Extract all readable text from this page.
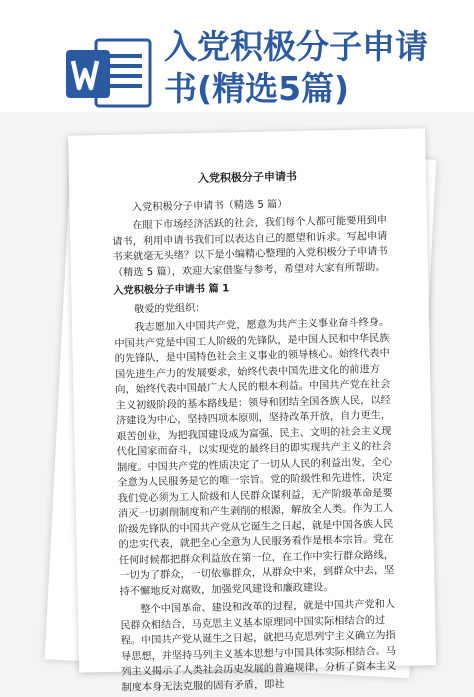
入党积极分子申请
书(精选5篇)
入党积极分子申请书

入党积极分子申请书（精选 5 篇）

在眼下市场经济活跃的社会，我们每个人都可能要用到申请书，利用申请书我们可以表达自己的愿望和诉求。写起申请书来就毫无头绪？以下是小编精心整理的入党积极分子申请书（精选 5 篇），欢迎大家借鉴与参考，希望对大家有所帮助。

入党积极分子申请书 篇 1

敬爱的党组织：

我志愿加入中国共产党，愿意为共产主义事业奋斗终身。中国共产党是中国工人阶级的先锋队，是中国人民和中华民族的先锋队，是中国特色社会主义事业的领导核心。始终代表中国先进生产力的发展要求，始终代表中国先进文化的前进方向，始终代表中国最广大人民的根本利益。中国共产党在社会主义初级阶段的基本路线是：领导和团结全国各族人民，以经济建设为中心，坚持四项本原则，坚持改革开放，自力更生，艰苦创业，为把我国建设成为富强、民主、文明的社会主义现代化国家而奋斗，以实现党的最终目的即实现共产主义的社会制度。中国共产党的性质决定了一切从人民的利益出发，全心全意为人民服务是它的唯一宗旨。党的阶级性和先进性，决定我们党必须为工人阶级和人民群众谋利益，无产阶级革命是要消灭一切剥削制度和产生剥削的根源，解放全人类。作为工人阶级先锋队的中国共产党从它诞生之日起，就是中国各族人民的忠实代表，就把全心全意为人民服务看作是根本宗旨。党在任何时候都把群众利益放在第一位，在工作中实行群众路线，一切为了群众，一切依靠群众，从群众中来，到群众中去，坚持不懈地反对腐败，加强党风建设和廉政建设。

整个中国革命、建设和改革的过程，就是中国共产党和人民群众相结合，马克思主义基本原理同中国实际相结合的过程。中国共产党从诞生之日起，就把马克思列宁主义确立为指导思想，并坚持马列主义基本思想与中国具体实际相结合。马列主义揭示了人类社会历史发展的普遍规律，分析了资本主义制度本身无法克服的固有矛盾，即社
